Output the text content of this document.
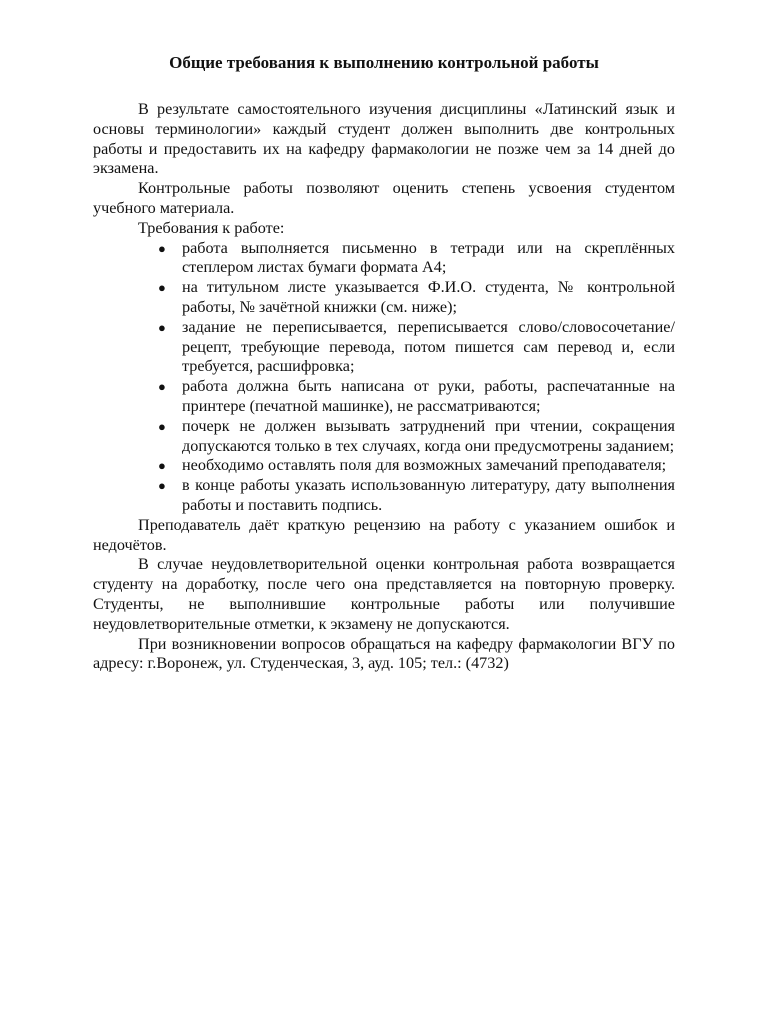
Общие требования к выполнению контрольной работы

В результате самостоятельного изучения дисциплины «Латинский язык и основы терминологии» каждый студент должен выполнить две контрольных работы и предоставить их на кафедру фармакологии не позже чем за 14 дней до экзамена.

Контрольные работы позволяют оценить степень усвоения студентом учебного материала.

Требования к работе:

● работа выполняется письменно в тетради или на скреплённых степлером листах бумаги формата А4;
● на титульном листе указывается Ф.И.О. студента, № контрольной работы, № зачётной книжки (см. ниже);
● задание не переписывается, переписывается слово/словосочетание/рецепт, требующие перевода, потом пишется сам перевод и, если требуется, расшифровка;
● работа должна быть написана от руки, работы, распечатанные на принтере (печатной машинке), не рассматриваются;
● почерк не должен вызывать затруднений при чтении, сокращения допускаются только в тех случаях, когда они предусмотрены заданием;
● необходимо оставлять поля для возможных замечаний преподавателя;
● в конце работы указать использованную литературу, дату выполнения работы и поставить подпись.

Преподаватель даёт краткую рецензию на работу с указанием ошибок и недочётов.

В случае неудовлетворительной оценки контрольная работа возвращается студенту на доработку, после чего она представляется на повторную проверку. Студенты, не выполнившие контрольные работы или получившие неудовлетворительные отметки, к экзамену не допускаются.

При возникновении вопросов обращаться на кафедру фармакологии ВГУ по адресу: г.Воронеж, ул. Студенческая, 3, ауд. 105; тел.: (4732)
